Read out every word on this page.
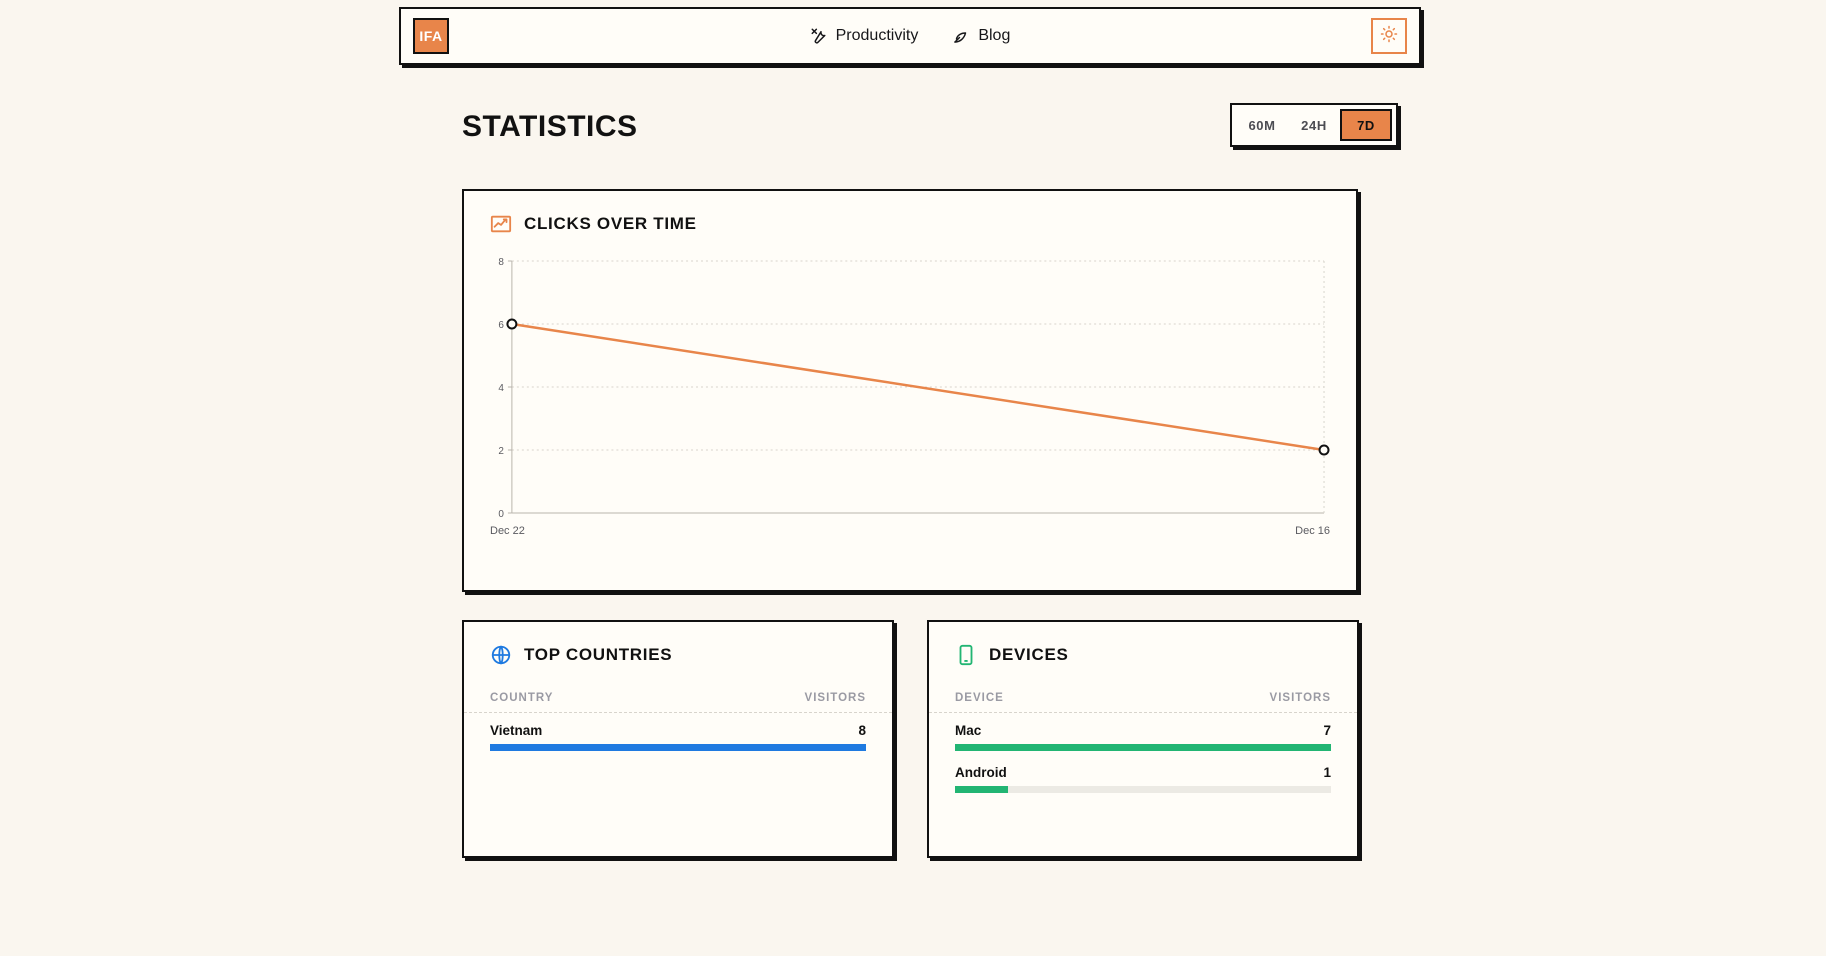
IFA	Productivity	Blog
STATISTICS	60M	24H	7D
CLICKS OVER TIME
8
6
4
2
0
Dec 22	Dec 16
TOP COUNTRIES
COUNTRY	VISITORS
Vietnam	8
DEVICES
DEVICE	VISITORS
Mac	7
Android	1
